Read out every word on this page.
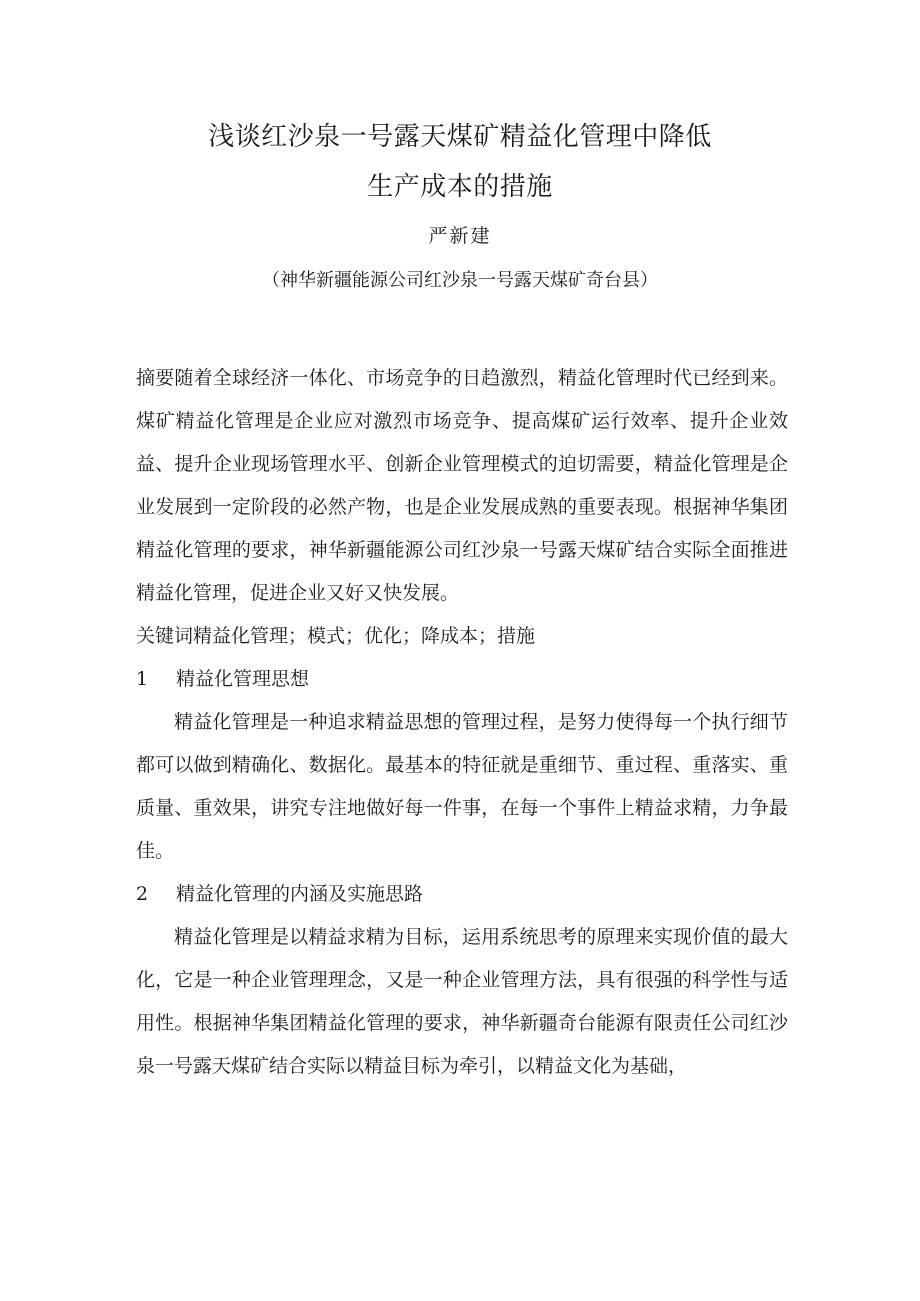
浅谈红沙泉一号露天煤矿精益化管理中降低
生产成本的措施
严新建
（神华新疆能源公司红沙泉一号露天煤矿奇台县）

摘要随着全球经济一体化、市场竞争的日趋激烈，精益化管理时代已经到来。煤矿精益化管理是企业应对激烈市场竞争、提高煤矿运行效率、提升企业效益、提升企业现场管理水平、创新企业管理模式的迫切需要，精益化管理是企业发展到一定阶段的必然产物，也是企业发展成熟的重要表现。根据神华集团精益化管理的要求，神华新疆能源公司红沙泉一号露天煤矿结合实际全面推进精益化管理，促进企业又好又快发展。

关键词精益化管理；模式；优化；降成本；措施

1 精益化管理思想

精益化管理是一种追求精益思想的管理过程，是努力使得每一个执行细节都可以做到精确化、数据化。最基本的特征就是重细节、重过程、重落实、重质量、重效果，讲究专注地做好每一件事，在每一个事件上精益求精，力争最佳。

2 精益化管理的内涵及实施思路

精益化管理是以精益求精为目标，运用系统思考的原理来实现价值的最大化，它是一种企业管理理念，又是一种企业管理方法，具有很强的科学性与适用性。根据神华集团精益化管理的要求，神华新疆奇台能源有限责任公司红沙泉一号露天煤矿结合实际以精益目标为牵引，以精益文化为基础，
